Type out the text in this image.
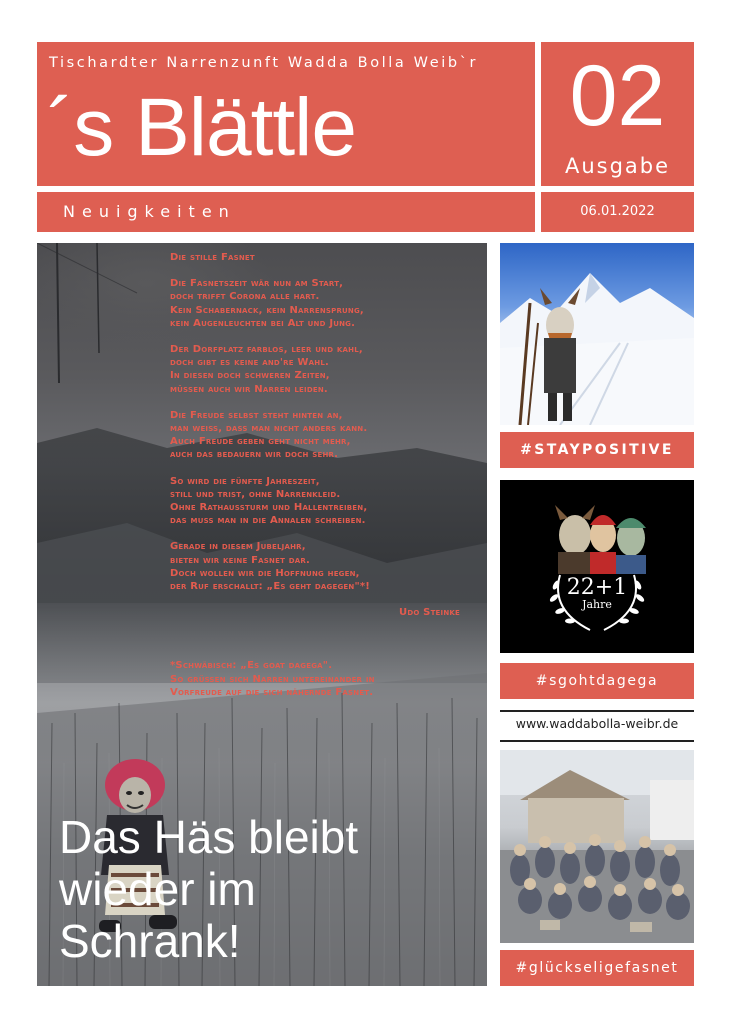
Tischardter Narrenzunft Wadda Bolla Weib`r
´s Blättle	02
Ausgabe
Neuigkeiten	06.01.2022
Die stille Fasnet
Die Fasnetszeit wär nun am Start,
doch trifft Corona alle hart.
Kein Schabernack, kein Narrensprung,
kein Augenleuchten bei Alt und Jung.
Der Dorfplatz farblos, leer und kahl,
doch gibt es keine and're Wahl.
In diesen doch schweren Zeiten,
müssen auch wir Narren leiden.
Die Freude selbst steht hinten an,
man weiß, dass man nicht anders kann.
Auch Freude geben geht nicht mehr,
auch das bedauern wir doch sehr.
So wird die fünfte Jahreszeit,
still und trist, ohne Narrenkleid.
Ohne Rathaussturm und Hallentreiben,
das muss man in die Annalen schreiben.
Gerade in diesem Jubeljahr,
bieten wir keine Fasnet dar.
Doch wollen wir die Hoffnung hegen,
der Ruf erschallt: „Es geht dagegen"*!
Udo Steinke
*Schwäbisch: „Es goat dagega".
So grüßen sich Narren untereinander in
Vorfreude auf die sich nähernde Fasnet.
Das Häs bleibt
wieder im
Schrank!
#STAYPOSITIVE
22+1
Jahre
#sgohtdagega
www.waddabolla-weibr.de
#glückseligefasnet
